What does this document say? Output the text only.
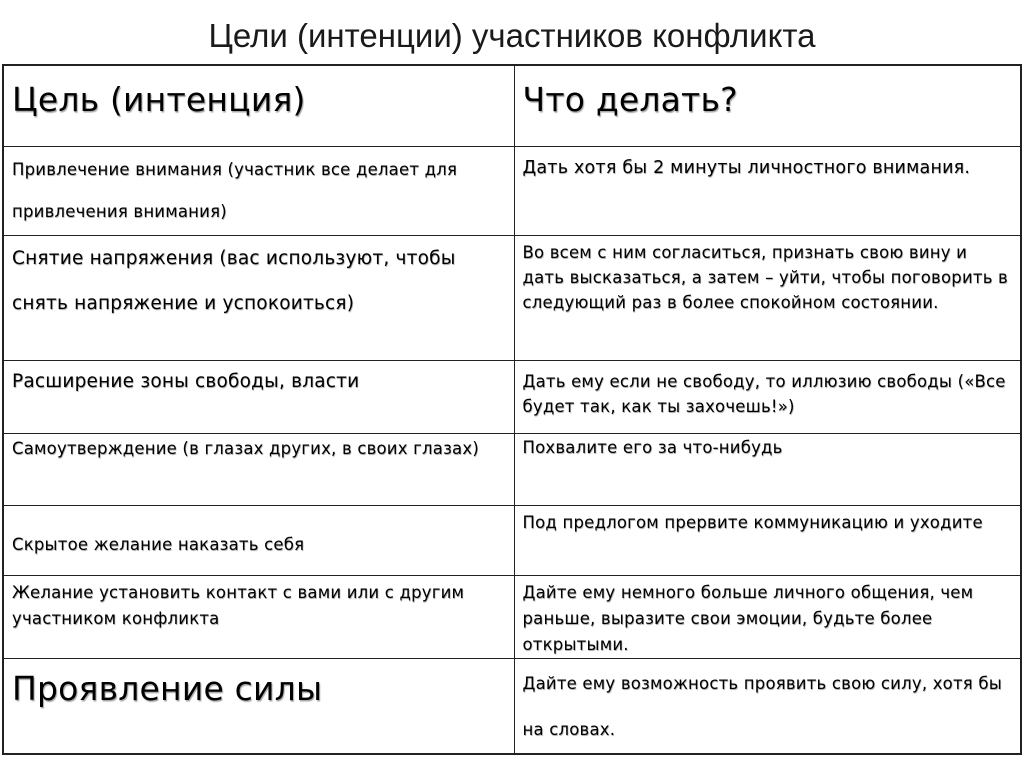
Цели (интенции) участников конфликта
Цель (интенция)	Что делать?
Привлечение внимания (участник все делает для привлечения внимания)	Дать хотя бы 2 минуты личностного внимания.
Снятие напряжения (вас используют, чтобы снять напряжение и успокоиться)	Во всем с ним согласиться, признать свою вину и дать высказаться, а затем – уйти, чтобы поговорить в следующий раз в более спокойном состоянии.
Расширение зоны свободы, власти	Дать ему если не свободу, то иллюзию свободы («Все будет так, как ты захочешь!»)
Самоутверждение (в глазах других, в своих глазах)	Похвалите его за что-нибудь
Скрытое желание наказать себя	Под предлогом прервите коммуникацию и уходите
Желание установить контакт с вами или с другим участником конфликта	Дайте ему немного больше личного общения, чем раньше, выразите свои эмоции, будьте более открытыми.
Проявление силы	Дайте ему возможность проявить свою силу, хотя бы на словах.
